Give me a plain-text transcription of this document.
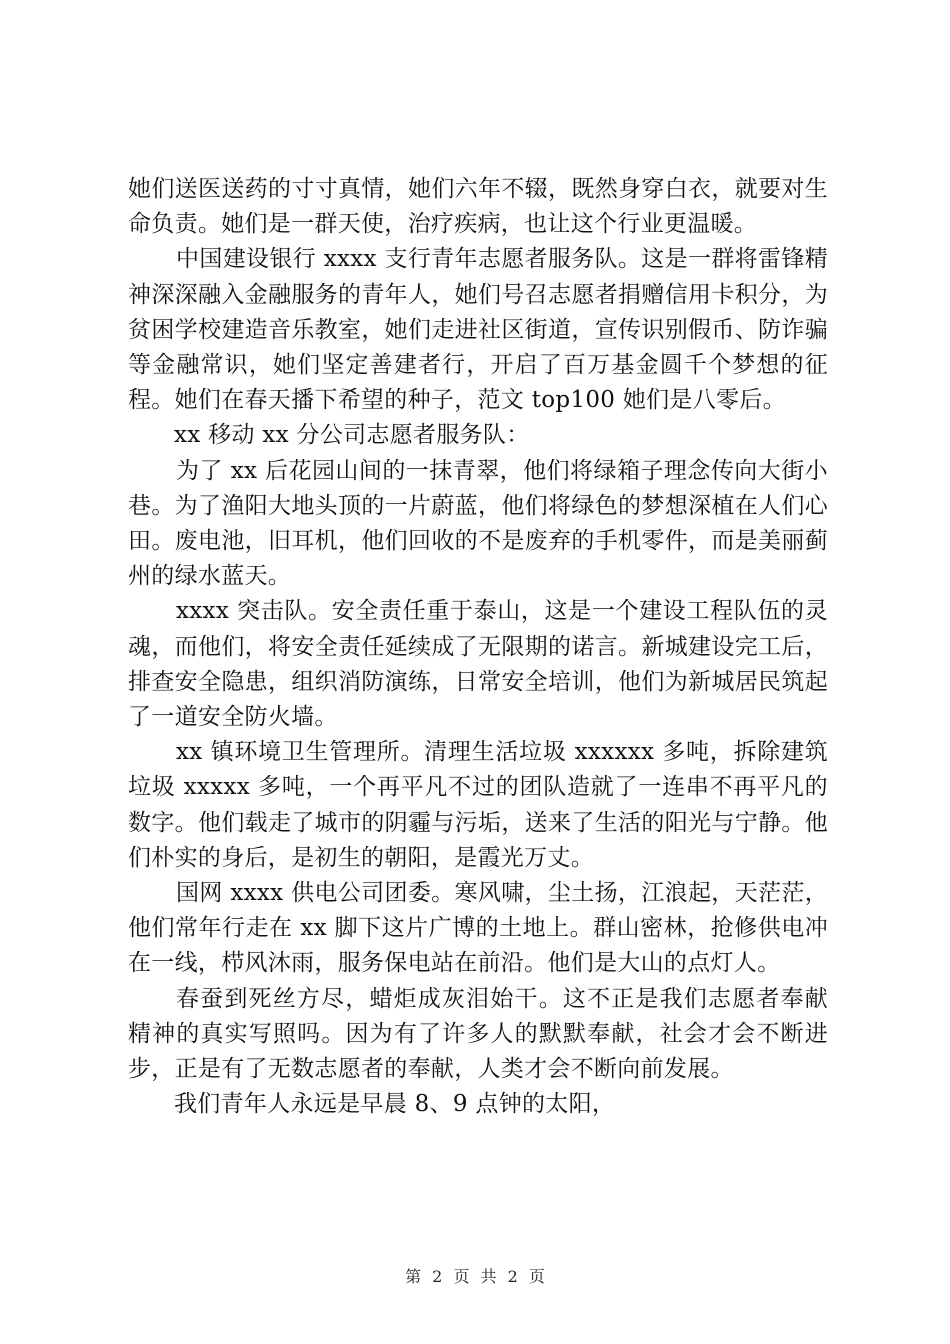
她们送医送药的寸寸真情，她们六年不辍，既然身穿白衣，就要对生命负责。她们是一群天使，治疗疾病，也让这个行业更温暖。

中国建设银行 xxxx 支行青年志愿者服务队。这是一群将雷锋精神深深融入金融服务的青年人，她们号召志愿者捐赠信用卡积分，为贫困学校建造音乐教室，她们走进社区街道，宣传识别假币、防诈骗等金融常识，她们坚定善建者行，开启了百万基金圆千个梦想的征程。她们在春天播下希望的种子，范文 top100 她们是八零后。

xx 移动 xx 分公司志愿者服务队：

为了 xx 后花园山间的一抹青翠，他们将绿箱子理念传向大街小巷。为了渔阳大地头顶的一片蔚蓝，他们将绿色的梦想深植在人们心田。废电池，旧耳机，他们回收的不是废弃的手机零件，而是美丽蓟州的绿水蓝天。

xxxx 突击队。安全责任重于泰山，这是一个建设工程队伍的灵魂，而他们，将安全责任延续成了无限期的诺言。新城建设完工后，排查安全隐患，组织消防演练，日常安全培训，他们为新城居民筑起了一道安全防火墙。

xx 镇环境卫生管理所。清理生活垃圾 xxxxxx 多吨，拆除建筑垃圾 xxxxx 多吨，一个再平凡不过的团队造就了一连串不再平凡的数字。他们载走了城市的阴霾与污垢，送来了生活的阳光与宁静。他们朴实的身后，是初生的朝阳，是霞光万丈。

国网 xxxx 供电公司团委。寒风啸，尘土扬，江浪起，天茫茫，他们常年行走在 xx 脚下这片广博的土地上。群山密林，抢修供电冲在一线，栉风沐雨，服务保电站在前沿。他们是大山的点灯人。

春蚕到死丝方尽，蜡炬成灰泪始干。这不正是我们志愿者奉献精神的真实写照吗。因为有了许多人的默默奉献，社会才会不断进步，正是有了无数志愿者的奉献，人类才会不断向前发展。

我们青年人永远是早晨 8、9 点钟的太阳，

第 2 页 共 2 页
